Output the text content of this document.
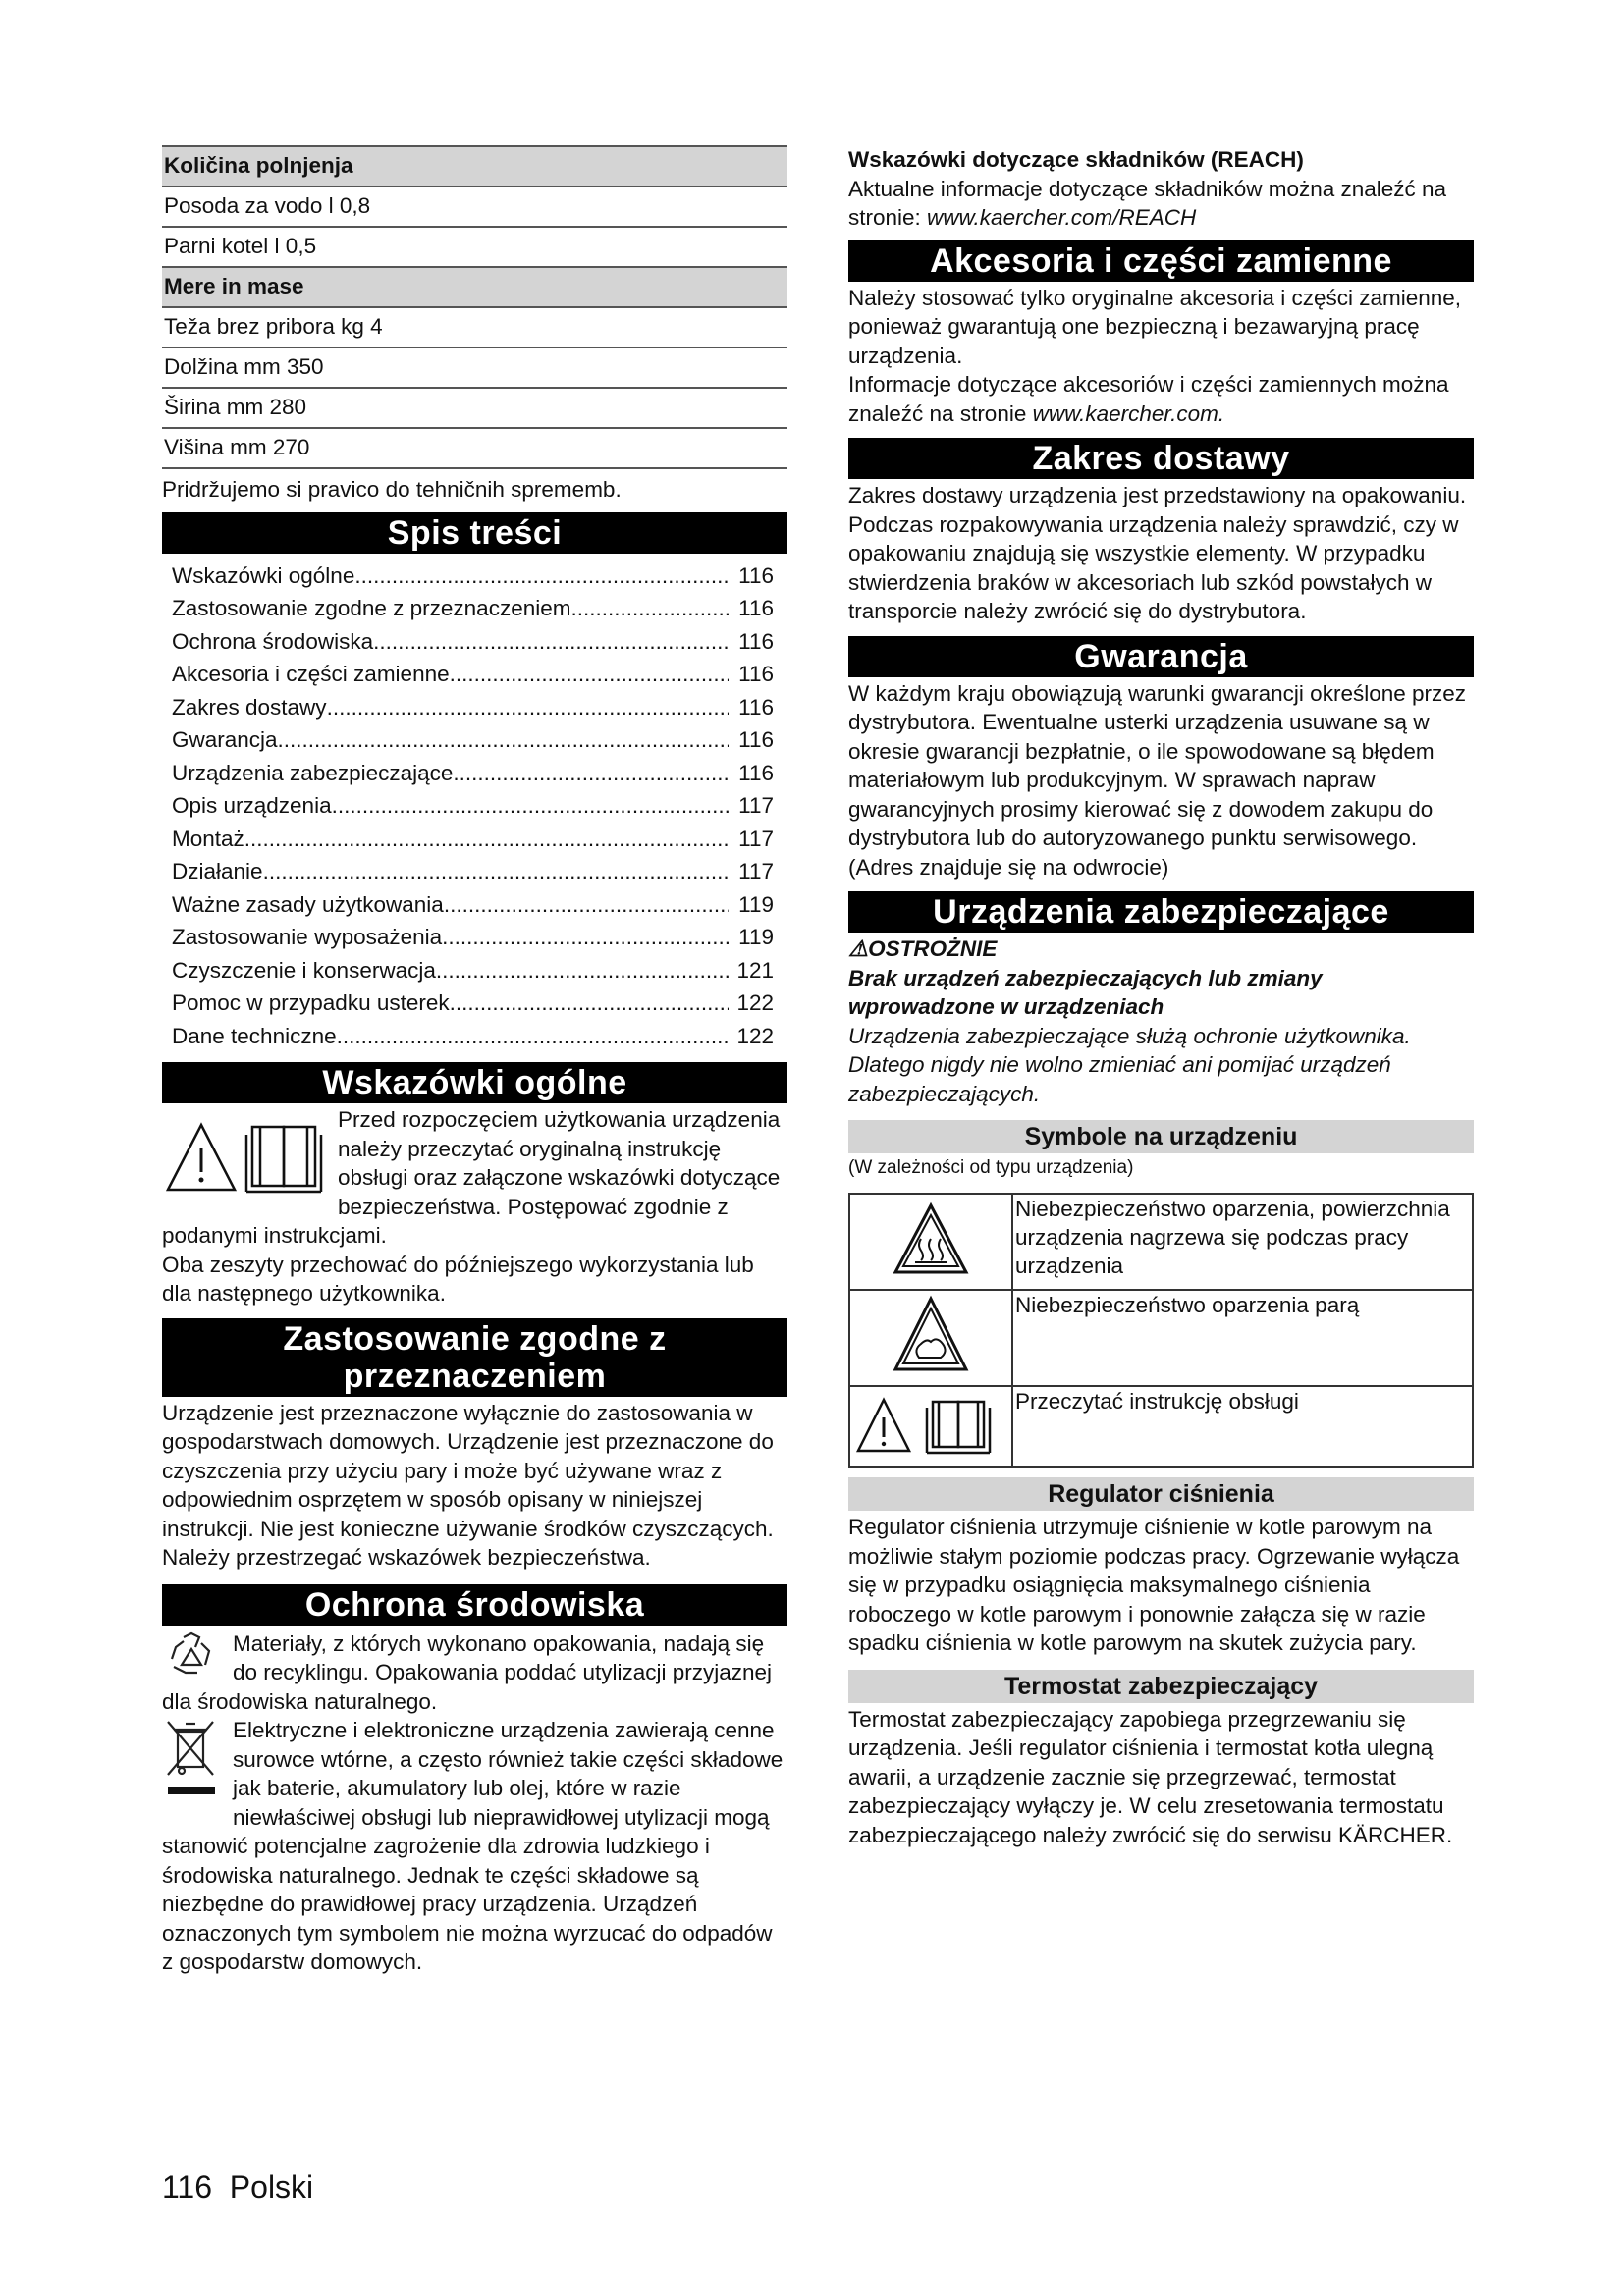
Količina polnjenja
Posoda za vodo l 0,8
Parni kotel l 0,5
Mere in mase
Teža brez pribora kg 4
Dolžina mm 350
Širina mm 280
Višina mm 270

Pridržujemo si pravico do tehničnih sprememb.

Spis treści
Wskazówki ogólne .....	116
Zastosowanie zgodne z przeznaczeniem .....	116
Ochrona środowiska .....	116
Akcesoria i części zamienne .....	116
Zakres dostawy .....	116
Gwarancja .....	116
Urządzenia zabezpieczające .....	116
Opis urządzenia .....	117
Montaż .....	117
Działanie .....	117
Ważne zasady użytkowania .....	119
Zastosowanie wyposażenia .....	119
Czyszczenie i konserwacja .....	121
Pomoc w przypadku usterek .....	122
Dane techniczne .....	122
Wskazówki ogólne

Przed rozpoczęciem użytkowania urządzenia należy przeczytać oryginalną instrukcję obsługi oraz załączone wskazówki dotyczące bezpieczeństwa. Postępować zgodnie z podanymi instrukcjami.

Oba zeszyty przechować do późniejszego wykorzystania lub dla następnego użytkownika.

Zastosowanie zgodne z przeznaczeniem

Urządzenie jest przeznaczone wyłącznie do zastosowania w gospodarstwach domowych. Urządzenie jest przeznaczone do czyszczenia przy użyciu pary i może być używane wraz z odpowiednim osprzętem w sposób opisany w niniejszej instrukcji. Nie jest konieczne używanie środków czyszczących. Należy przestrzegać wskazówek bezpieczeństwa.

Ochrona środowiska

Materiały, z których wykonano opakowania, nadają się do recyklingu. Opakowania poddać utylizacji przyjaznej dla środowiska naturalnego.

Elektryczne i elektroniczne urządzenia zawierają cenne surowce wtórne, a często również takie części składowe jak baterie, akumulatory lub olej, które w razie niewłaściwej obsługi lub nieprawidłowej utylizacji mogą stanowić potencjalne zagrożenie dla zdrowia ludzkiego i środowiska naturalnego. Jednak te części składowe są niezbędne do prawidłowej pracy urządzenia. Urządzeń oznaczonych tym symbolem nie można wyrzucać do odpadów z gospodarstw domowych.

Wskazówki dotyczące składników (REACH)

Aktualne informacje dotyczące składników można znaleźć na stronie: www.kaercher.com/REACH

Akcesoria i części zamienne

Należy stosować tylko oryginalne akcesoria i części zamienne, ponieważ gwarantują one bezpieczną i bezawaryjną pracę urządzenia.

Informacje dotyczące akcesoriów i części zamiennych można znaleźć na stronie www.kaercher.com.

Zakres dostawy

Zakres dostawy urządzenia jest przedstawiony na opakowaniu. Podczas rozpakowywania urządzenia należy sprawdzić, czy w opakowaniu znajdują się wszystkie elementy. W przypadku stwierdzenia braków w akcesoriach lub szkód powstałych w transporcie należy zwrócić się do dystrybutora.

Gwarancja

W każdym kraju obowiązują warunki gwarancji określone przez dystrybutora. Ewentualne usterki urządzenia usuwane są w okresie gwarancji bezpłatnie, o ile spowodowane są błędem materiałowym lub produkcyjnym. W sprawach napraw gwarancyjnych prosimy kierować się z dowodem zakupu do dystrybutora lub do autoryzowanego punktu serwisowego.

(Adres znajduje się na odwrocie)

Urządzenia zabezpieczające

⚠OSTROŻNIE

Brak urządzeń zabezpieczających lub zmiany wprowadzone w urządzeniach

Urządzenia zabezpieczające służą ochronie użytkownika.

Dlatego nigdy nie wolno zmieniać ani pomijać urządzeń zabezpieczających.

Symbole na urządzeniu

(W zależności od typu urządzenia)

	Niebezpieczeństwo oparzenia, powierzchnia urządzenia nagrzewa się podczas pracy urządzenia
	Niebezpieczeństwo oparzenia parą
	Przeczytać instrukcję obsługi
Regulator ciśnienia

Regulator ciśnienia utrzymuje ciśnienie w kotle parowym na możliwie stałym poziomie podczas pracy. Ogrzewanie wyłącza się w przypadku osiągnięcia maksymalnego ciśnienia roboczego w kotle parowym i ponownie załącza się w razie spadku ciśnienia w kotle parowym na skutek zużycia pary.

Termostat zabezpieczający

Termostat zabezpieczający zapobiega przegrzewaniu się urządzenia. Jeśli regulator ciśnienia i termostat kotła ulegną awarii, a urządzenie zacznie się przegrzewać, termostat zabezpieczający wyłączy je. W celu zresetowania termostatu zabezpieczającego należy zwrócić się do serwisu KÄRCHER.

116 Polski
